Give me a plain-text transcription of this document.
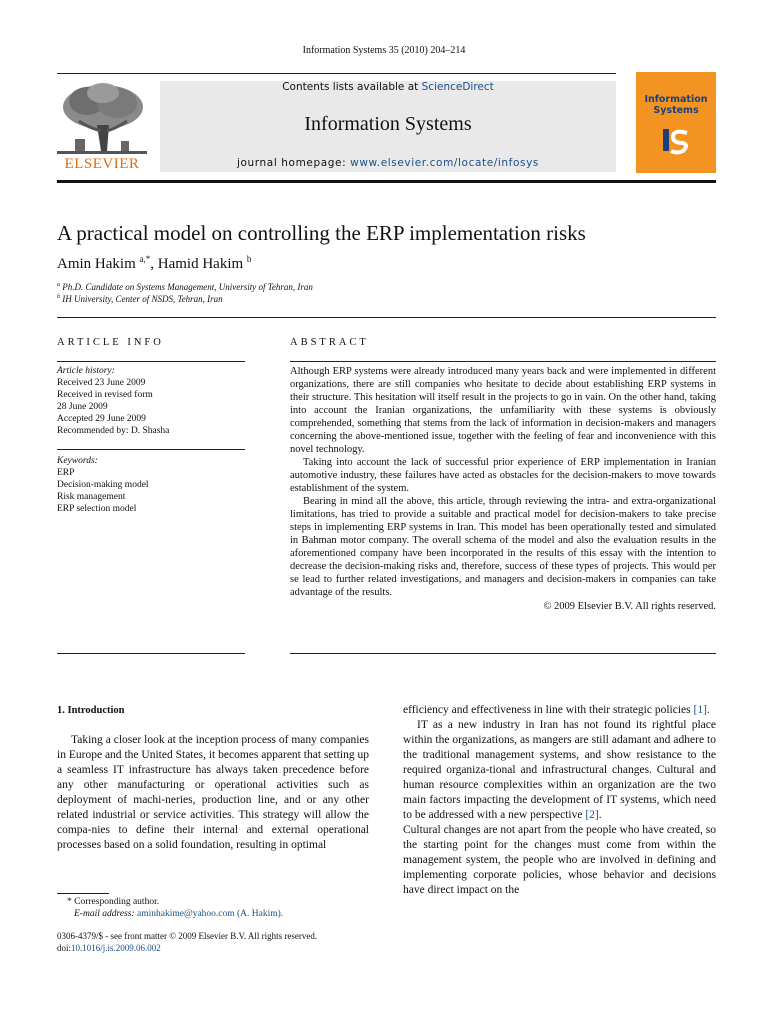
Information Systems 35 (2010) 204–214
ELSEVIER
Contents lists available at ScienceDirect
Information Systems
journal homepage: www.elsevier.com/locate/infosys
Information
Systems
A practical model on controlling the ERP implementation risks
Amin Hakim $^{a,*}$, Hamid Hakim $^b$
$^a$ Ph.D. Candidate on Systems Management, University of Tehran, Iran
$^b$ IH University, Center of NSDS, Tehran, Iran
ARTICLE INFO
Article history:
Received 23 June 2009
Received in revised form
28 June 2009
Accepted 29 June 2009
Recommended by: D. Shasha
Keywords:
ERP
Decision-making model
Risk management
ERP selection model
ABSTRACT

Although ERP systems were already introduced many years back and were implemented in different organizations, there are still companies who hesitate to decide about establishing ERP systems in their structure. This hesitation will itself result in the projects to go in vain. On the other hand, taking into account the Iranian organizations, the unfamiliarity with these systems is obviously comprehended, something that stems from the lack of information in decision-makers and managers concerning the above-mentioned issue, together with the feeling of fear and inconvenience with this novel technology.

Taking into account the lack of successful prior experience of ERP implementation in Iranian automotive industry, these failures have acted as obstacles for the decision-makers to move towards establishment of the system.

Bearing in mind all the above, this article, through reviewing the intra- and extra-organizational limitations, has tried to provide a suitable and practical model for decision-makers to take precise steps in implementing ERP systems in Iran. This model has been operationally tested and simulated in Bahman motor company. The overall schema of the model and also the evaluation results in the aforementioned company have been incorporated in the results of this essay with the intention to decrease the decision-making risks and, therefore, success of these types of projects. This would per se lead to further related investigations, and managers and decision-makers in companies can take advantage of the results.

© 2009 Elsevier B.V. All rights reserved.
1. Introduction

Taking a closer look at the inception process of many companies in Europe and the United States, it becomes apparent that setting up a seamless IT infrastructure has always taken precedence before any other manufacturing or operational activities such as deployment of machi-neries, production line, and or any other related industrial or service activities. This strategy will allow the compa-nies to define their internal and external operational processes based on a solid foundation, resulting in optimal

efficiency and effectiveness in line with their strategic policies [1].

IT as a new industry in Iran has not found its rightful place within the organizations, as mangers are still adamant and adhere to the traditional management systems, and show resistance to the required organiza-tional and infrastructural changes. Cultural and human resource complexities within an organization are the two main factors impacting the development of IT systems, which need to be addressed with a new perspective [2].

Cultural changes are not apart from the people who have created, so the starting point for the changes must come from within the management system, the people who are involved in defining and implementing corporate policies, whose behavior and decisions have direct impact on the

* Corresponding author.
E-mail address: aminhakime@yahoo.com (A. Hakim).
0306-4379/$ - see front matter © 2009 Elsevier B.V. All rights reserved.
doi:10.1016/j.is.2009.06.002
